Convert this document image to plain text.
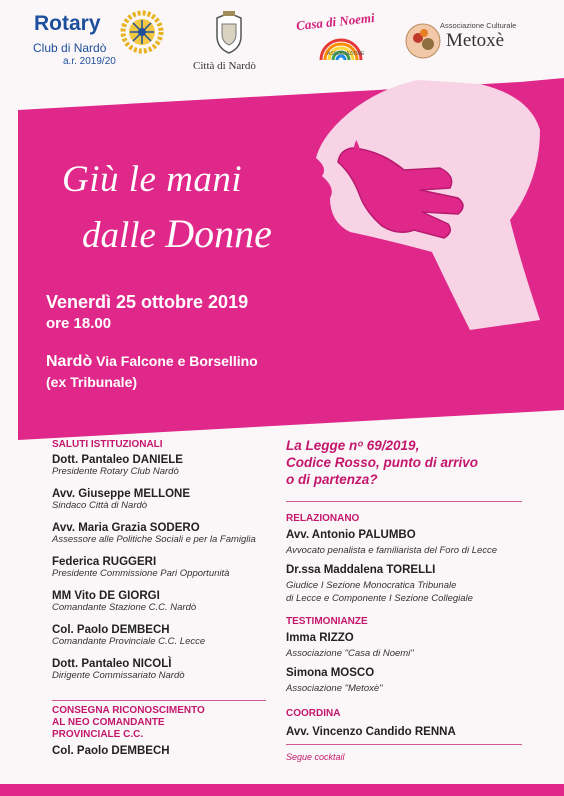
Rotary
Club di Nardò
a.r. 2019/20	Città di Nardò
Casa di Noemi
ASSOCIAZIONE
Associazione Culturale
Metoxè
Giù le mani
dalle Donne
Venerdì 25 ottobre 2019
ore 18.00
Nardò Via Falcone e Borsellino
(ex Tribunale)
SALUTI ISTITUZIONALI
Dott. Pantaleo DANIELE
Presidente Rotary Club Nardò
Avv. Giuseppe MELLONE
Sindaco Città di Nardò
Avv. Maria Grazia SODERO
Assessore alle Politiche Sociali e per la Famiglia
Federica RUGGERI
Presidente Commissione Pari Opportunità
MM Vito DE GIORGI
Comandante Stazione C.C. Nardò
Col. Paolo DEMBECH
Comandante Provinciale C.C. Lecce
Dott. Pantaleo NICOLÌ
Dirigente Commissariato Nardò
CONSEGNA RICONOSCIMENTO
AL NEO COMANDANTE
PROVINCIALE C.C.
Col. Paolo DEMBECH
La Legge nᵒ 69/2019,
Codice Rosso, punto di arrivo
o di partenza?
RELAZIONANO
Avv. Antonio PALUMBO
Avvocato penalista e familiarista del Foro di Lecce
Dr.ssa Maddalena TORELLI
Giudice I Sezione Monocratica Tribunale
di Lecce e Componente I Sezione Collegiale
TESTIMONIANZE
Imma RIZZO
Associazione "Casa di Noemi"
Simona MOSCO
Associazione "Metoxè"
COORDINA
Avv. Vincenzo Candido RENNA
Segue cocktail
